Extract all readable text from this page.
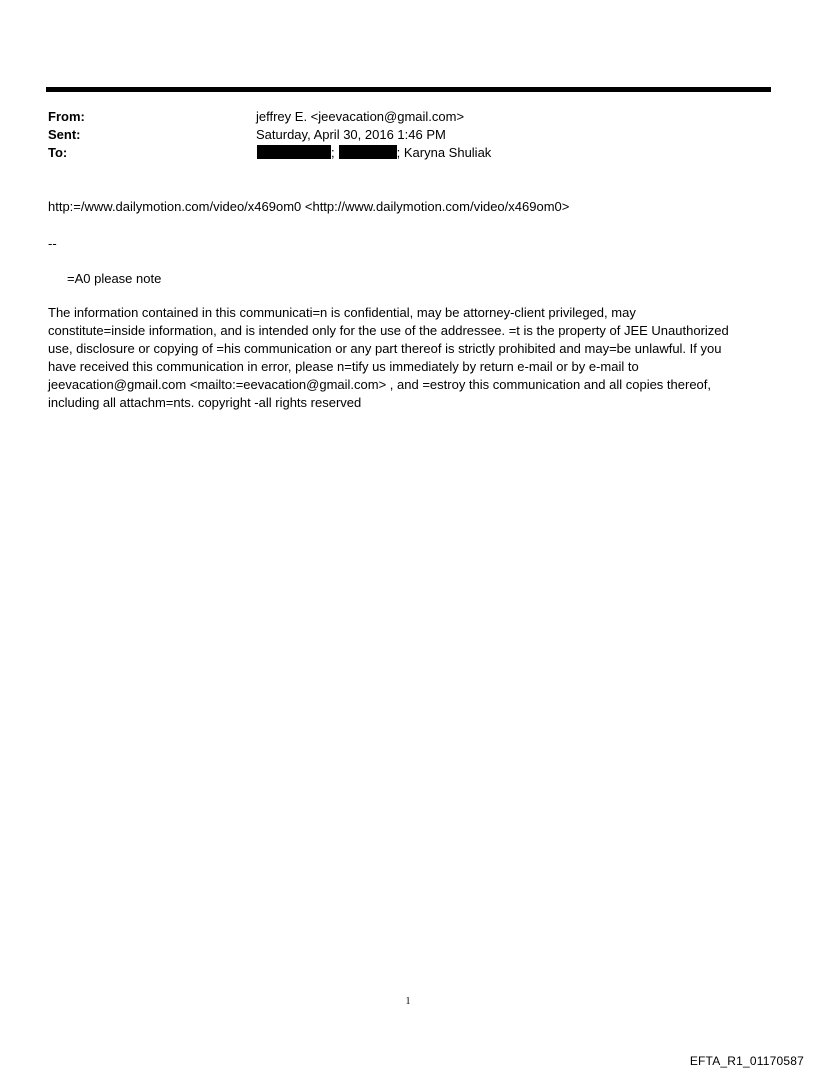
From:	jeffrey E. <jeevacation@gmail.com>
Sent:	Saturday, April 30, 2016 1:46 PM
To:	;	; Karyna Shuliak
http:=/www.dailymotion.com/video/x469om0 <http://www.dailymotion.com/video/x469om0>
--
=A0 please note
The information contained in this communicati=n is confidential, may be attorney-client privileged, may
constitute=inside information, and is intended only for the use of the addressee. =t is the property of JEE Unauthorized
use, disclosure or copying of =his communication or any part thereof is strictly prohibited and may=be unlawful. If you
have received this communication in error, please n=tify us immediately by return e-mail or by e-mail to
jeevacation@gmail.com <mailto:=eevacation@gmail.com> , and =estroy this communication and all copies thereof,
including all attachm=nts. copyright -all rights reserved
1
EFTA_R1_01170587
